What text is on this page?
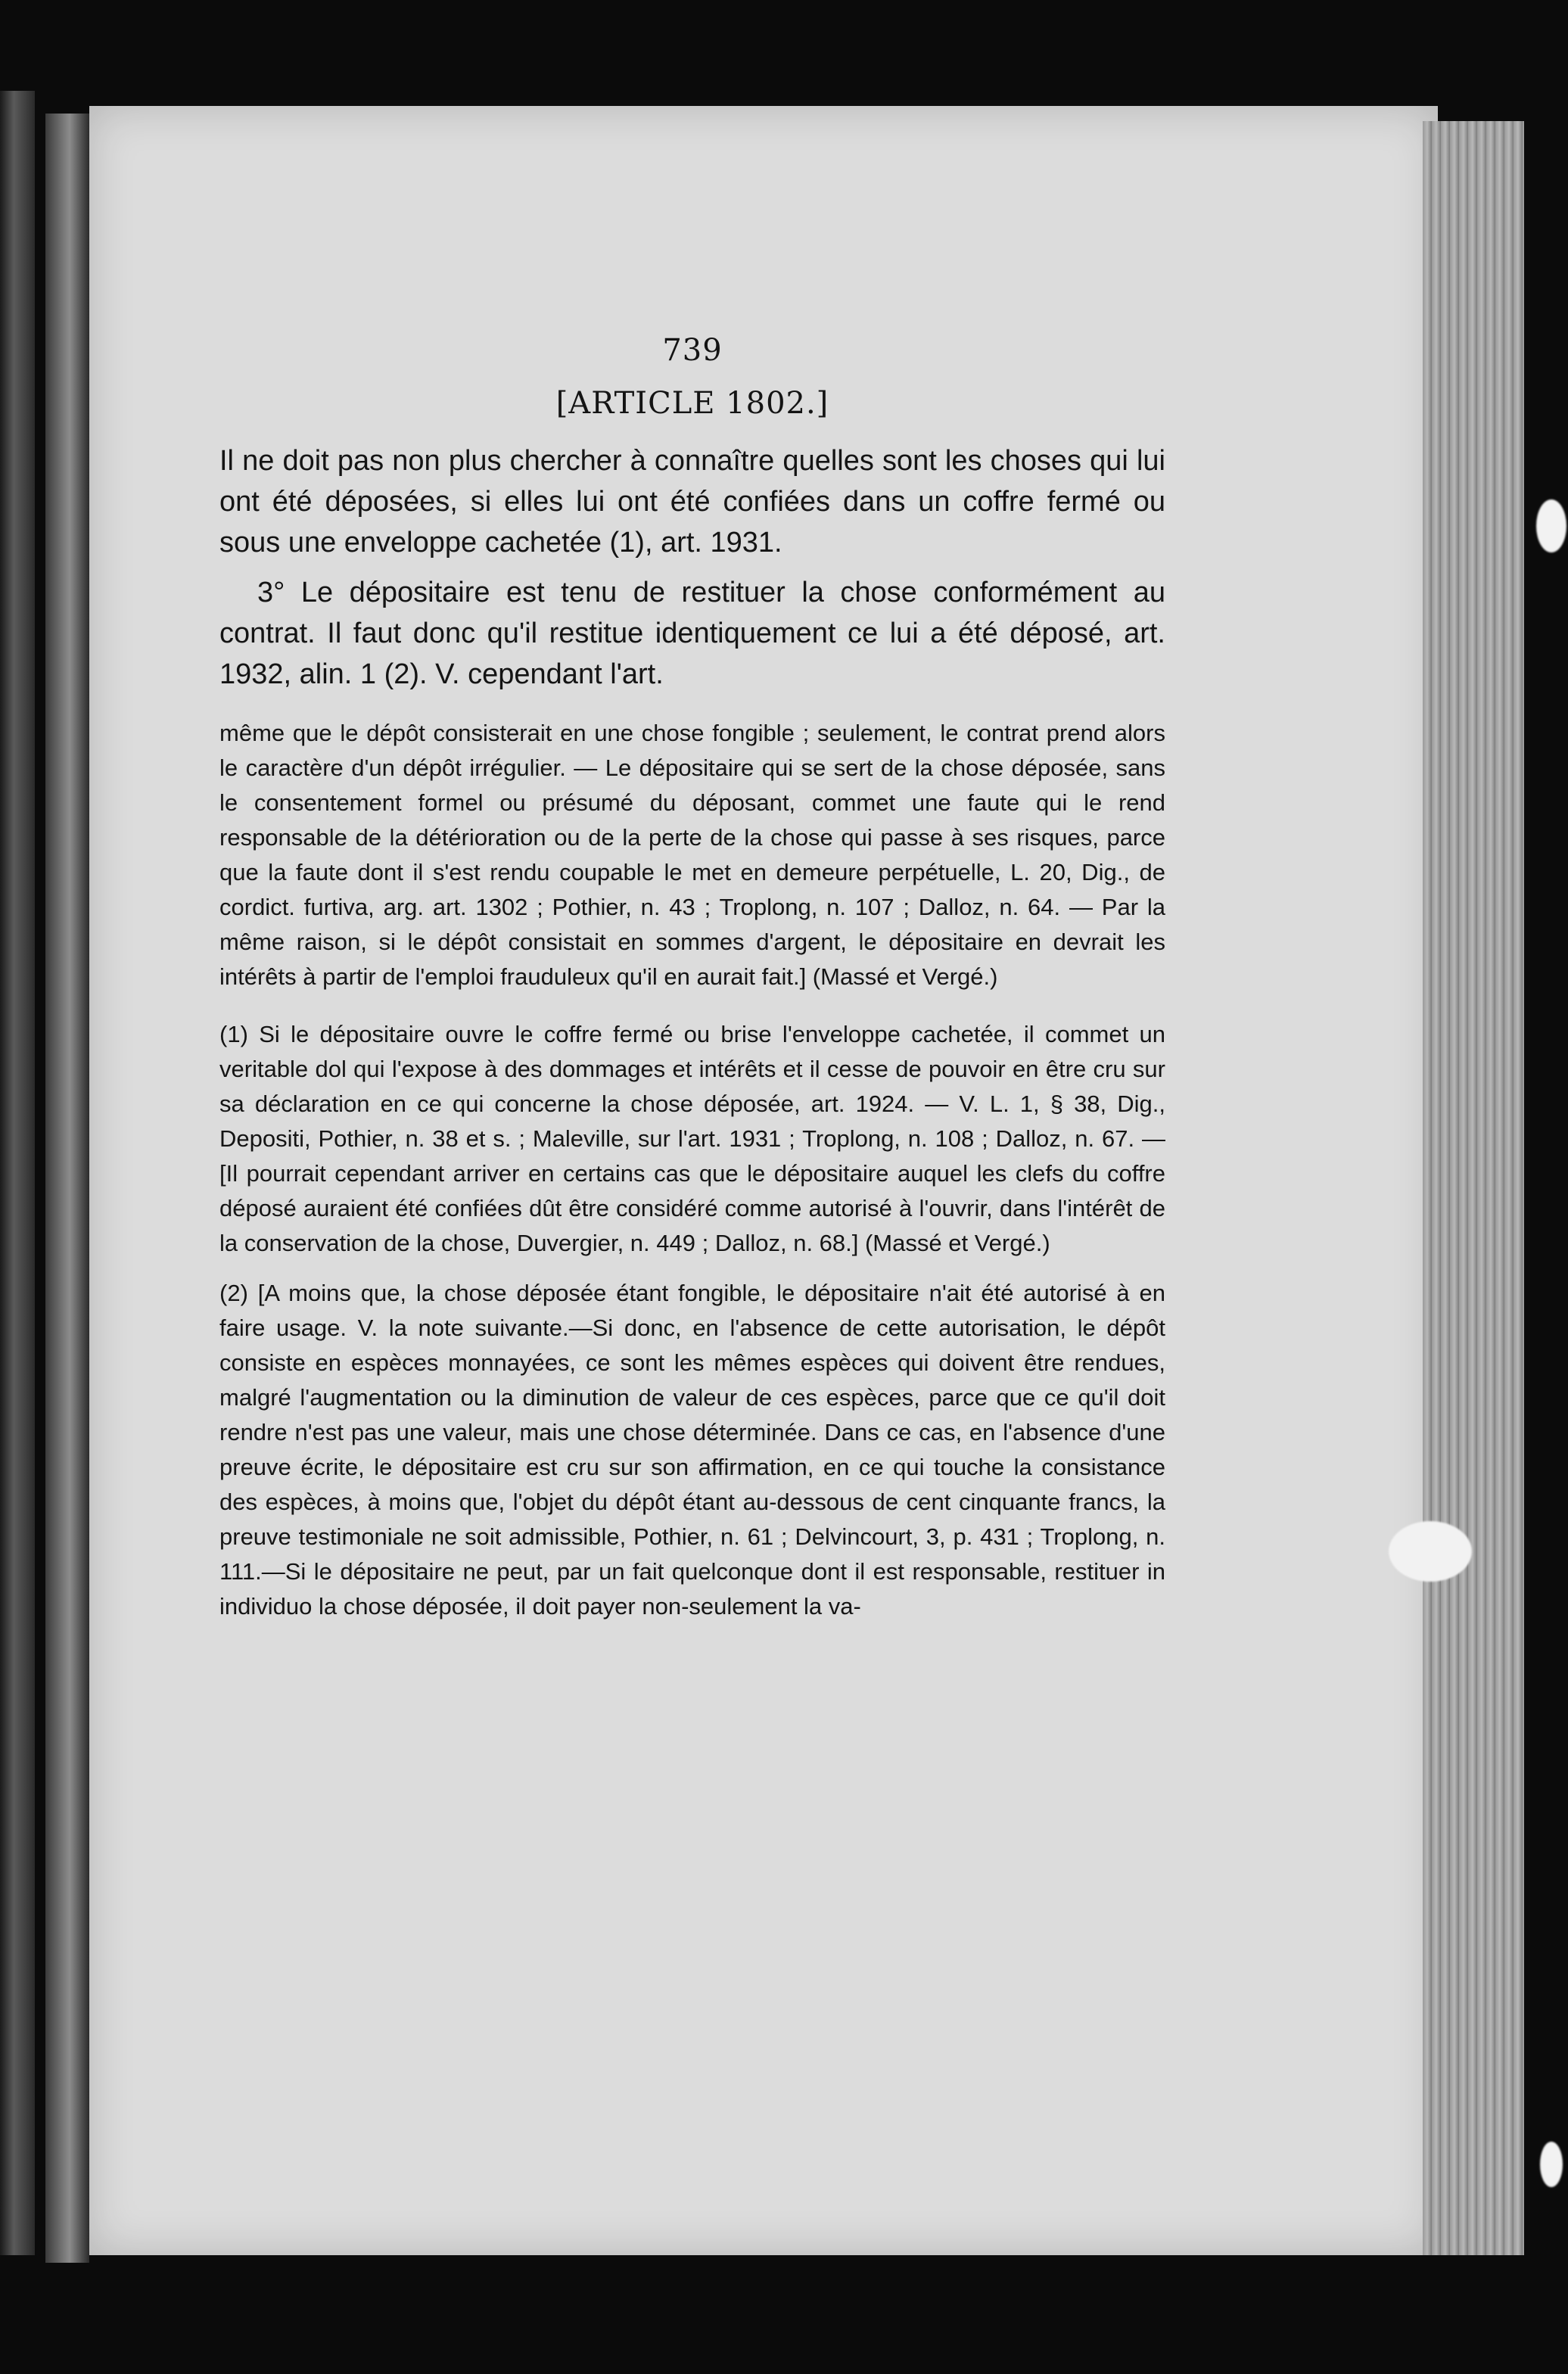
739
[ARTICLE 1802.]

Il ne doit pas non plus chercher à connaître quelles sont les choses qui lui ont été déposées, si elles lui ont été confiées dans un coffre fermé ou sous une enveloppe cachetée (1), art. 1931.

3° Le dépositaire est tenu de restituer la chose conformément au contrat. Il faut donc qu'il restitue identiquement ce lui a été déposé, art. 1932, alin. 1 (2). V. cependant l'art.

même que le dépôt consisterait en une chose fongible ; seulement, le contrat prend alors le caractère d'un dépôt irrégulier. — Le dépositaire qui se sert de la chose déposée, sans le consentement formel ou présumé du déposant, commet une faute qui le rend responsable de la détérioration ou de la perte de la chose qui passe à ses risques, parce que la faute dont il s'est rendu coupable le met en demeure perpétuelle, L. 20, Dig., de cordict. furtiva, arg. art. 1302 ; Pothier, n. 43 ; Troplong, n. 107 ; Dalloz, n. 64. — Par la même raison, si le dépôt consistait en sommes d'argent, le dépositaire en devrait les intérêts à partir de l'emploi frauduleux qu'il en aurait fait.] (Massé et Vergé.)

(1) Si le dépositaire ouvre le coffre fermé ou brise l'enveloppe cachetée, il commet un veritable dol qui l'expose à des dommages et intérêts et il cesse de pouvoir en être cru sur sa déclaration en ce qui concerne la chose déposée, art. 1924. — V. L. 1, § 38, Dig., Depositi, Pothier, n. 38 et s. ; Maleville, sur l'art. 1931 ; Troplong, n. 108 ; Dalloz, n. 67. — [Il pourrait cependant arriver en certains cas que le dépositaire auquel les clefs du coffre déposé auraient été confiées dût être considéré comme autorisé à l'ouvrir, dans l'intérêt de la conservation de la chose, Duvergier, n. 449 ; Dalloz, n. 68.] (Massé et Vergé.)

(2) [A moins que, la chose déposée étant fongible, le dépositaire n'ait été autorisé à en faire usage. V. la note suivante.—Si donc, en l'absence de cette autorisation, le dépôt consiste en espèces monnayées, ce sont les mêmes espèces qui doivent être rendues, malgré l'augmentation ou la diminution de valeur de ces espèces, parce que ce qu'il doit rendre n'est pas une valeur, mais une chose déterminée. Dans ce cas, en l'absence d'une preuve écrite, le dépositaire est cru sur son affirmation, en ce qui touche la consistance des espèces, à moins que, l'objet du dépôt étant au-dessous de cent cinquante francs, la preuve testimoniale ne soit admissible, Pothier, n. 61 ; Delvincourt, 3, p. 431 ; Troplong, n. 111.—Si le dépositaire ne peut, par un fait quelconque dont il est responsable, restituer in individuo la chose déposée, il doit payer non-seulement la va-
